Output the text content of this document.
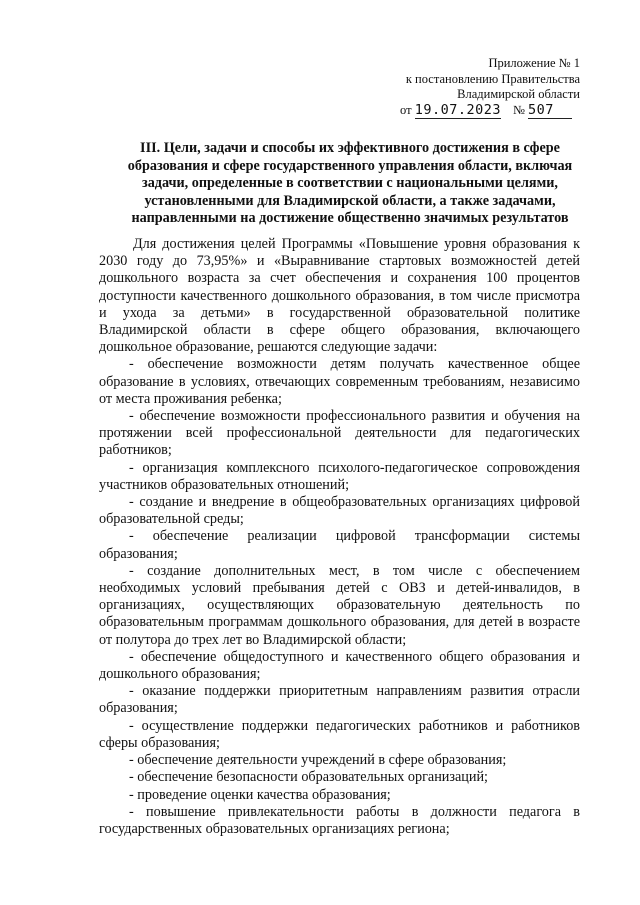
Приложение № 1
к постановлению Правительства
Владимирской области
от 19.07.2023 № 507
III. Цели, задачи и способы их эффективного достижения в сфере
образования и сфере государственного управления области, включая
задачи, определенные в соответствии с национальными целями,
установленными для Владимирской области, а также задачами,
направленными на достижение общественно значимых результатов

Для достижения целей Программы «Повышение уровня образования к 2030 году до 73,95%» и «Выравнивание стартовых возможностей детей дошкольного возраста за счет обеспечения и сохранения 100 процентов доступности качественного дошкольного образования, в том числе присмотра и ухода за детьми» в государственной образовательной политике Владимирской области в сфере общего образования, включающего дошкольное образование, решаются следующие задачи:

- обеспечение возможности детям получать качественное общее образование в условиях, отвечающих современным требованиям, независимо от места проживания ребенка;

- обеспечение возможности профессионального развития и обучения на протяжении всей профессиональной деятельности для педагогических работников;

- организация комплексного психолого-педагогическое сопровождения участников образовательных отношений;

- создание и внедрение в общеобразовательных организациях цифровой образовательной среды;

- обеспечение реализации цифровой трансформации системы образования;

- создание дополнительных мест, в том числе с обеспечением необходимых условий пребывания детей с ОВЗ и детей-инвалидов, в организациях, осуществляющих образовательную деятельность по образовательным программам дошкольного образования, для детей в возрасте от полутора до трех лет во Владимирской области;

- обеспечение общедоступного и качественного общего образования и дошкольного образования;

- оказание поддержки приоритетным направлениям развития отрасли образования;

- осуществление поддержки педагогических работников и работников сферы образования;

- обеспечение деятельности учреждений в сфере образования;

- обеспечение безопасности образовательных организаций;

- проведение оценки качества образования;

- повышение привлекательности работы в должности педагога в государственных образовательных организациях региона;
